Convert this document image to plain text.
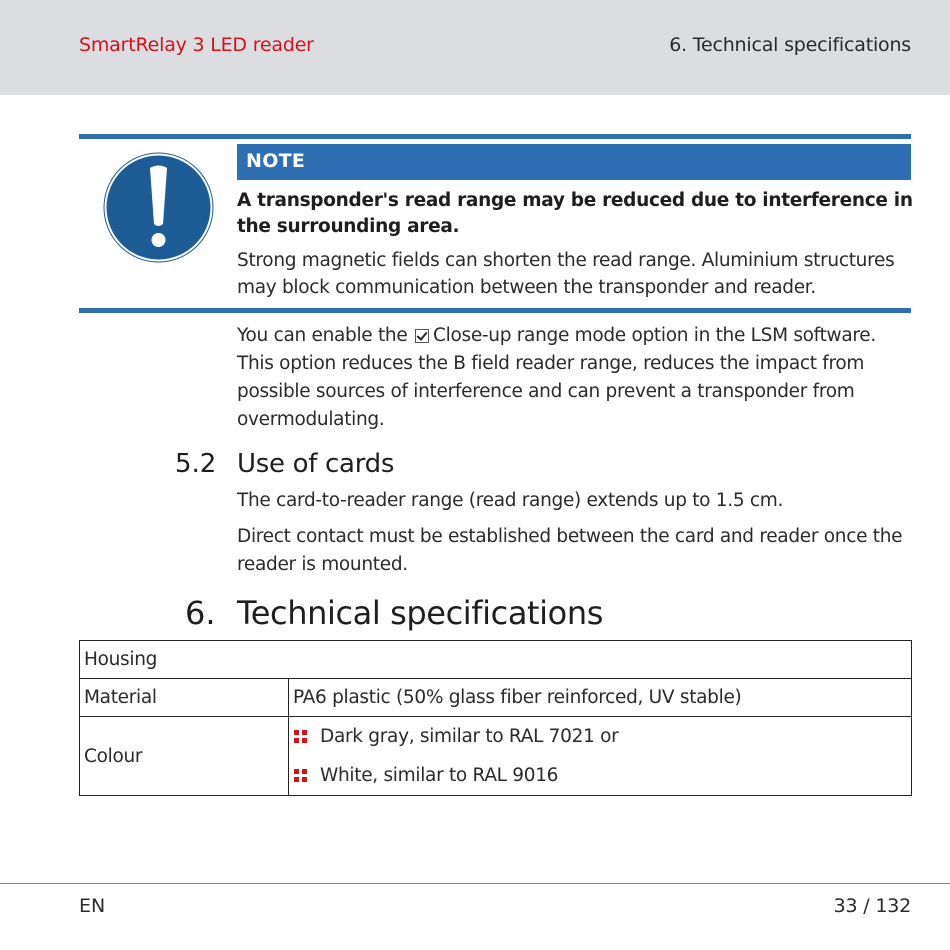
SmartRelay 3 LED reader	6. Technical specifications
NOTE
A transponder's read range may be reduced due to interference in the surrounding area.
Strong magnetic fields can shorten the read range. Aluminium structures may block communication between the transponder and reader.
You can enable the Close-up range mode option in the LSM software. This option reduces the B field reader range, reduces the impact from possible sources of interference and can prevent a transponder from overmodulating.
5.2 Use of cards
The card-to-reader range (read range) extends up to 1.5 cm.
Direct contact must be established between the card and reader once the reader is mounted.
6. Technical specifications
Housing	
Material	PA6 plastic (50% glass fiber reinforced, UV stable)
Colour	Dark gray, similar to RAL 7021 or
White, similar to RAL 9016
EN	33 / 132
